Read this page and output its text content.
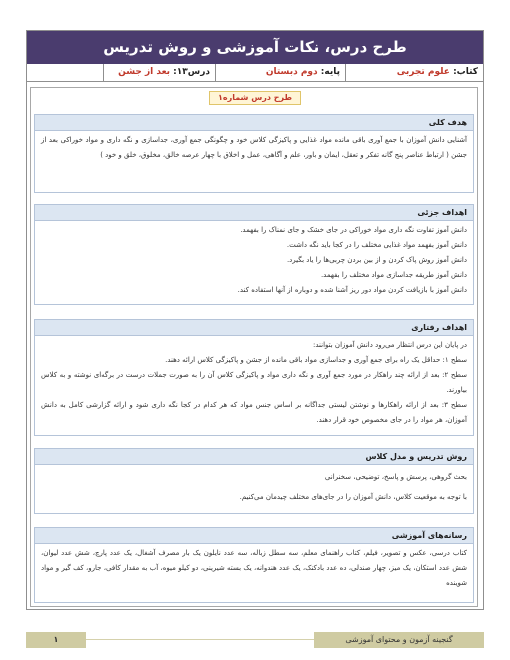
طرح درس، نکات آموزشی و روش تدریس
کتاب: علوم تجربی
پایه: دوم دبستان
درس۱۳: بعد از جشن
طرح درس شماره۱
هدف کلی

آشنایی دانش آموزان با جمع آوری باقی مانده مواد غذایی و پاکیزگی کلاس خود و چگونگی جمع آوری، جداسازی و نگه داری و مواد خوراکی بعد از جشن ( ارتباط عناصر پنج گانه تفکر و تعقل، ایمان و باور، علم و آگاهی، عمل و اخلاق با چهار عرصه خالق، مخلوق، خلق و خود )

اهداف جزئی

دانش آموز تفاوت نگه داری مواد خوراکی در جای خشک و جای نمناک را بفهمد.

دانش آموز بفهمد مواد غذایی مختلف را در کجا باید نگه داشت.

دانش آموز روش پاک کردن و از بین بردن چربی‌ها را یاد بگیرد.

دانش آموز طریقه جداسازی مواد مختلف را بفهمد.

دانش آموز با بازیافت کردن مواد دور ریز آشنا شده و دوباره از آنها استفاده کند.

اهداف رفتاری

در پایان این درس انتظار می‌رود دانش آموزان بتوانند:

سطح ۱: حداقل یک راه برای جمع آوری و جداسازی مواد باقی مانده از جشن و پاکیزگی کلاس ارائه دهند.

سطح ۲: بعد از ارائه چند راهکار در مورد جمع آوری و نگه داری مواد و پاکیزگی کلاس آن را به صورت جملات درست در برگه‌ای نوشته و به کلاس بیاورند.

سطح ۳: بعد از ارائه راهکارها و نوشتن لیستی جداگانه بر اساس جنس مواد که هر کدام در کجا نگه داری شود و ارائه گزارشی کامل به دانش آموزان، هر مواد را در جای مخصوص خود قرار دهند.

روش تدریس و مدل کلاس

بحث گروهی، پرسش و پاسخ، توضیحی، سخنرانی

با توجه به موقعیت کلاس، دانش آموزان را در جای‌های مختلف چیدمان می‌کنیم.

رسانه‌های آموزشی

کتاب درسی، عکس و تصویر، فیلم، کتاب راهنمای معلم، سه سطل زباله، سه عدد نایلون یک بار مصرف آشغال، یک عدد پارچ، شش عدد لیوان، شش عدد استکان، یک میز، چهار صندلی، ده عدد بادکنک، یک عدد هندوانه، یک بسته شیرینی، دو کیلو میوه، آب به مقدار کافی، جارو، کف گیر و مواد شوینده

گنجینه آزمون و محتوای آموزشی
۱
